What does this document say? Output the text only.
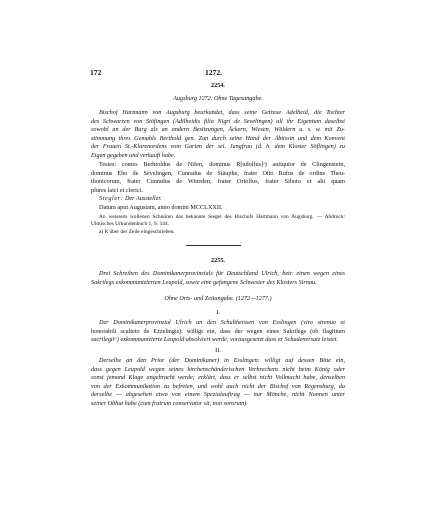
172	1272.
2254.
Augsburg 1272. Ohne Tagesangabe.

Bischof Hartmann von Augsburg beurkundet, dass seine Getreue Adelheid, die Tochter

des Schwarzen von Stöfingen (Adilheidis filia Nigri de Sevelingen) all ihr Eigentum daselbst

sowohl an der Burg als an andern Besitzungen, Äckern, Wiesen, Wäldern u. s. w. mit Zu-

stimmung ihres Gemahls Berthold gen. Zan durch seine Hand der Äbtissin und dem Konvent

der Frauen St.-Klarenordens vom Garten der sel. Jungfrau (d. h. dem Kloster Söflingen) zu

Eigen gegeben und verkauft habe.

Testes: comes Berhtoldus de Nifen, dominus R[udolfus]ᵃ) autiquior de Clingenstein,

dominus Ebo de Sevelingen, Cunradus de Stäuphe, frater Otto Rufus de ordine Theu-

thonicorum, frater Cunradus de Wineden, frater Ortolfus, frater Siboto et alii quam

plures laici et clerici.

Siegler: Der Aussteller.

Datum aput Augustam, anno domini MCCLXXII.

An weissem wollenen Schnüren das bekannte Siegel des Bischofs Hartmann von Augsburg. — Abdruck:

Ulmisches Urkundenbuch 1, S. 144.

a) R über der Zeile eingeschrieben.

2255.

Drei Schreiben des Dominikanerprovinzials für Deutschland Ulrich, betr. einen wegen eines

Sakrilegs exkommunizierten Leupold, sowie eine gefangene Schwester des Klosters Sirnau.

Ohne Orts- und Zeitangabe. (1272—1277.)
I.

Der Dominikanerprovinzial Ulrich an den Schultheissen von Esslingen (viro strenuo et

honorabili sculteto de Ezzelingis): willigt ein, dass der wegen eines Sakrilegs (ob flagitium

sacrilegiiᵃ) exkommunizierte Leupold absolviert werde, vorausgesetzt dass er Schadenersatz leistet.

II.

Derselbe an den Prior (der Dominikaner) in Esslingen: willigt auf dessen Bitte ein,

dass gegen Leupold wegen seines kirchenschänderischen Verbrechens nicht beim König oder

sonst jemand Klage angebracht werde; erklärt, dass er selbst nicht Vollmacht habe, denselben

von der Exkommunikation zu befreien, und wohl auch nicht der Bischof von Regensburg, da

derselbe — abgesehen etwa von einem Spezialauftrag — nur Mönche, nicht Nonnen unter

seiner Obhut habe (cum fratrum conservator sit, non sororum).
